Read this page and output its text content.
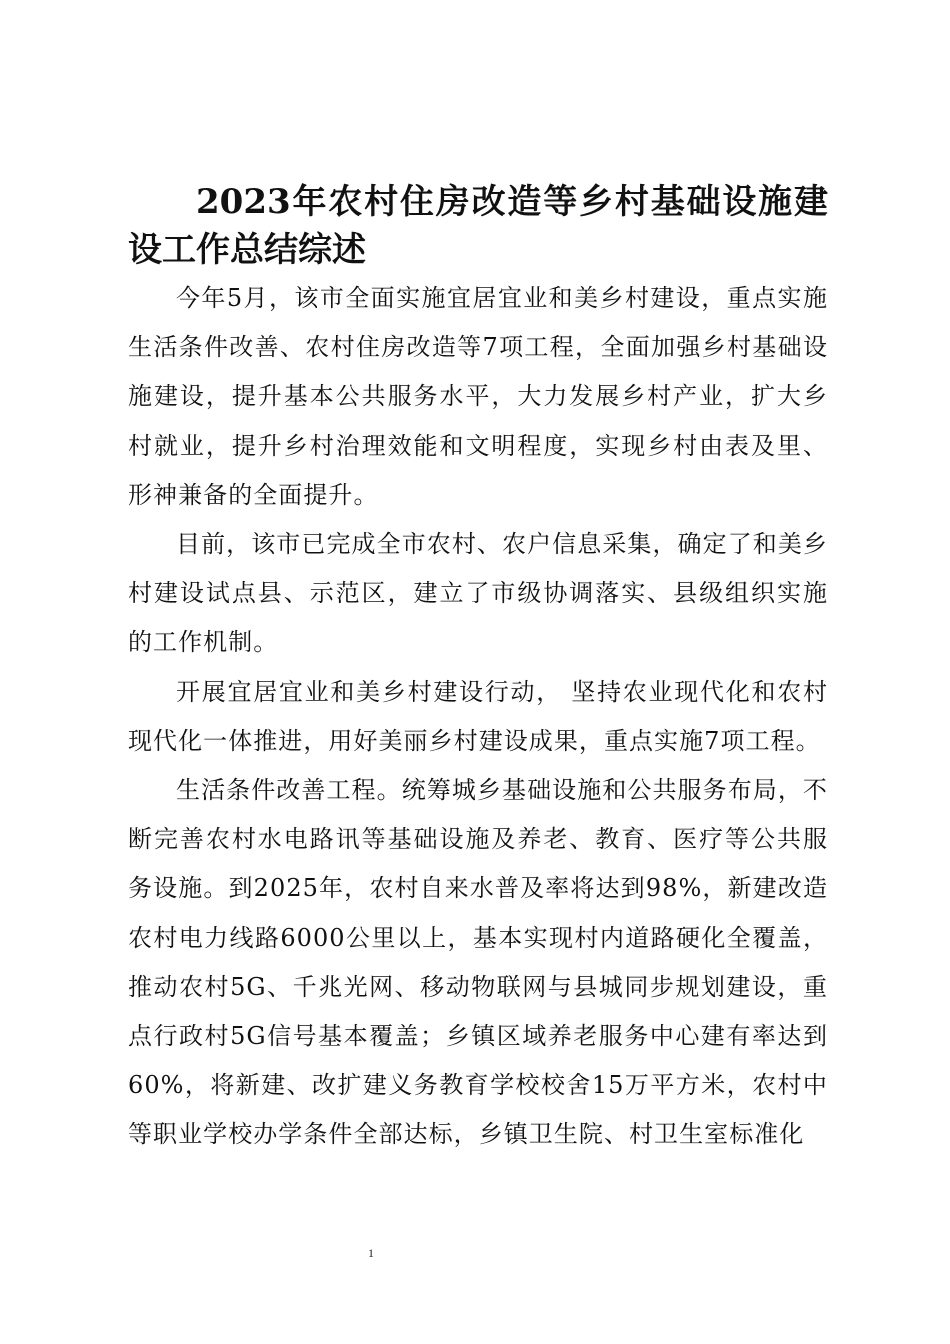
2023年农村住房改造等乡村基础设施建设工作总结综述

今年5月，该市全面实施宜居宜业和美乡村建设，重点实施生活条件改善、农村住房改造等7项工程，全面加强乡村基础设施建设，提升基本公共服务水平，大力发展乡村产业，扩大乡村就业，提升乡村治理效能和文明程度，实现乡村由表及里、形神兼备的全面提升。

目前，该市已完成全市农村、农户信息采集，确定了和美乡村建设试点县、示范区，建立了市级协调落实、县级组织实施的工作机制。

开展宜居宜业和美乡村建设行动， 坚持农业现代化和农村现代化一体推进，用好美丽乡村建设成果，重点实施7项工程。

生活条件改善工程。统筹城乡基础设施和公共服务布局，不断完善农村水电路讯等基础设施及养老、教育、医疗等公共服务设施。到2025年，农村自来水普及率将达到98%，新建改造农村电力线路6000公里以上，基本实现村内道路硬化全覆盖，推动农村5G、千兆光网、移动物联网与县城同步规划建设，重点行政村5G信号基本覆盖；乡镇区域养老服务中心建有率达到60%，将新建、改扩建义务教育学校校舍15万平方米，农村中等职业学校办学条件全部达标，乡镇卫生院、村卫生室标准化

1
